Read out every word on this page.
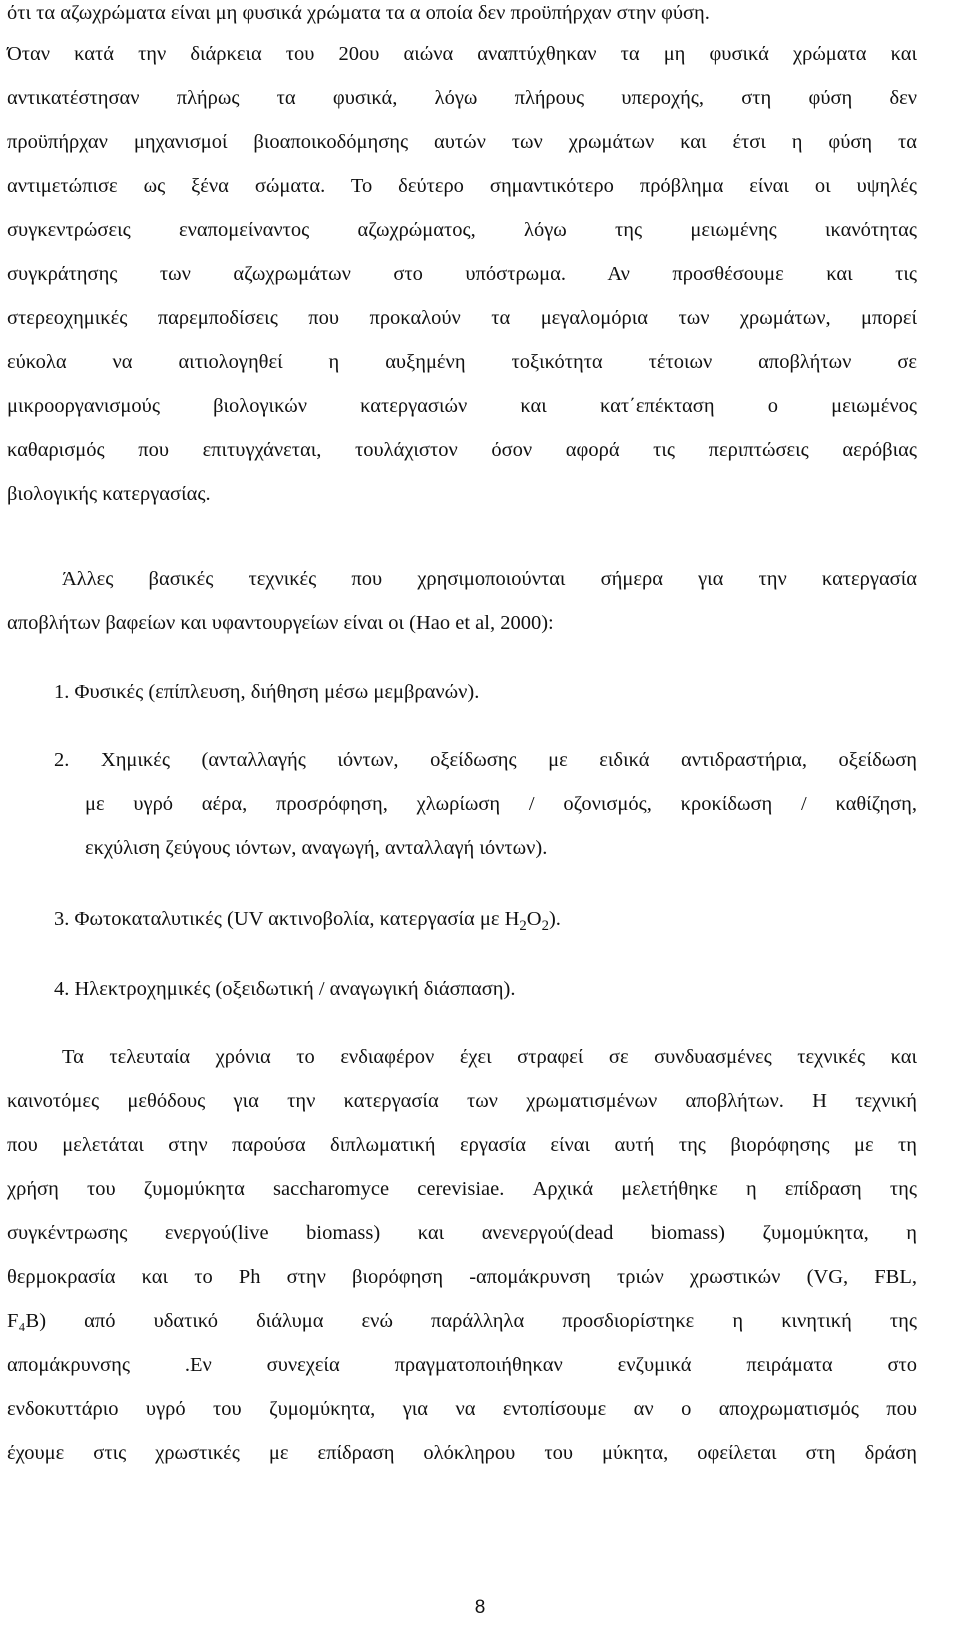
ότι τα αζωχρώματα είναι μη φυσικά χρώματα τα α οποία δεν προϋπήρχαν στην φύση.
Όταν κατά την διάρκεια του 20ου αιώνα αναπτύχθηκαν τα μη φυσικά χρώματα και
αντικατέστησαν πλήρως τα φυσικά, λόγω πλήρους υπεροχής, στη φύση δεν
προϋπήρχαν μηχανισμοί βιοαποικοδόμησης αυτών των χρωμάτων και έτσι η φύση τα
αντιμετώπισε ως ξένα σώματα. Το δεύτερο σημαντικότερο πρόβλημα είναι οι υψηλές
συγκεντρώσεις εναπομείναντος αζωχρώματος, λόγω της μειωμένης ικανότητας
συγκράτησης των αζωχρωμάτων στο υπόστρωμα. Αν προσθέσουμε και τις
στερεοχημικές παρεμποδίσεις που προκαλούν τα μεγαλομόρια των χρωμάτων, μπορεί
εύκολα να αιτιολογηθεί η αυξημένη τοξικότητα τέτοιων αποβλήτων σε
μικροοργανισμούς βιολογικών κατεργασιών και κατ΄επέκταση ο μειωμένος
καθαρισμός που επιτυγχάνεται, τουλάχιστον όσον αφορά τις περιπτώσεις αερόβιας
βιολογικής κατεργασίας.
Άλλες βασικές τεχνικές που χρησιμοποιούνται σήμερα για την κατεργασία
αποβλήτων βαφείων και υφαντουργείων είναι οι (Hao et al, 2000):
1. Φυσικές (επίπλευση, διήθηση μέσω μεμβρανών).
2. Χημικές (ανταλλαγής ιόντων, οξείδωσης με ειδικά αντιδραστήρια, οξείδωση
με υγρό αέρα, προσρόφηση, χλωρίωση / οζονισμός, κροκίδωση / καθίζηση,
εκχύλιση ζεύγους ιόντων, αναγωγή, ανταλλαγή ιόντων).
3. Φωτοκαταλυτικές (UV ακτινοβολία, κατεργασία με $H_2O_2$).
4. Ηλεκτροχημικές (οξειδωτική / αναγωγική διάσπαση).
Τα τελευταία χρόνια το ενδιαφέρον έχει στραφεί σε συνδυασμένες τεχνικές και
καινοτόμες μεθόδους για την κατεργασία των χρωματισμένων αποβλήτων. Η τεχνική
που μελετάται στην παρούσα διπλωματική εργασία είναι αυτή της βιορόφησης με τη
χρήση του ζυμομύκητα saccharomyce cerevisiae. Αρχικά μελετήθηκε η επίδραση της
συγκέντρωσης ενεργού(live biomass) και ανενεργού(dead biomass) ζυμομύκητα, η
θερμοκρασία και το Ph στην βιορόφηση -απομάκρυνση τριών χρωστικών (VG, FBL,
F₄B) από υδατικό διάλυμα ενώ παράλληλα προσδιορίστηκε η κινητική της
απομάκρυνσης .Εν συνεχεία πραγματοποιήθηκαν ενζυμικά πειράματα στο
ενδοκυττάριο υγρό του ζυμομύκητα, για να εντοπίσουμε αν ο αποχρωματισμός που
έχουμε στις χρωστικές με επίδραση ολόκληρου του μύκητα, οφείλεται στη δράση
8
